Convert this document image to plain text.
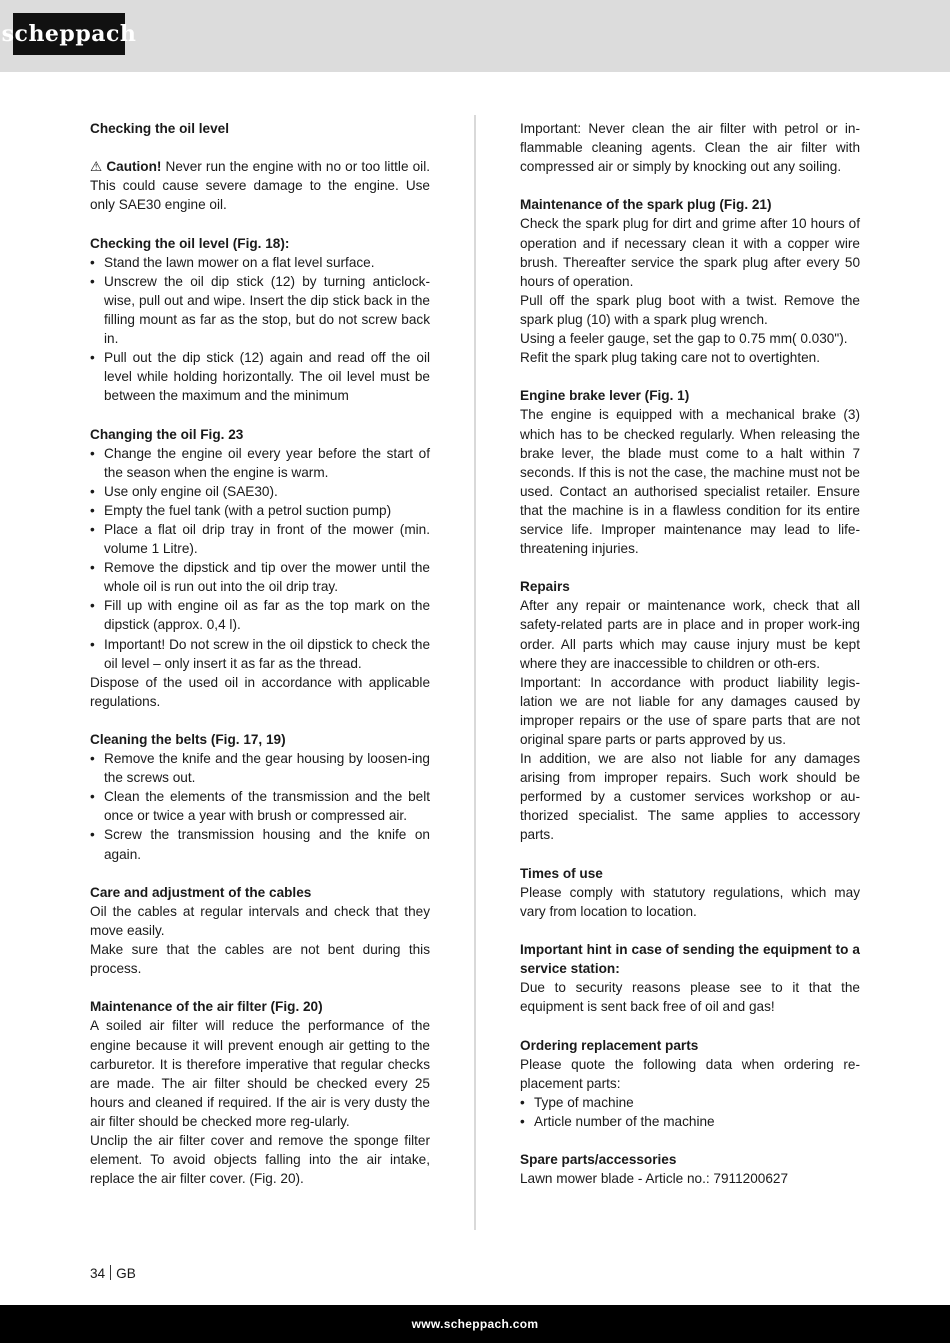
scheppach

Checking the oil level

⚠ Caution! Never run the engine with no or too little oil. This could cause severe damage to the engine. Use only SAE30 engine oil.

Checking the oil level (Fig. 18):

• Stand the lawn mower on a flat level surface.
• Unscrew the oil dip stick (12) by turning anticlock-wise, pull out and wipe. Insert the dip stick back in the filling mount as far as the stop, but do not screw back in.
• Pull out the dip stick (12) again and read off the oil level while holding horizontally. The oil level must be between the maximum and the minimum

Changing the oil Fig. 23

• Change the engine oil every year before the start of the season when the engine is warm.
• Use only engine oil (SAE30).
• Empty the fuel tank (with a petrol suction pump)
• Place a flat oil drip tray in front of the mower (min. volume 1 Litre).
• Remove the dipstick and tip over the mower until the whole oil is run out into the oil drip tray.
• Fill up with engine oil as far as the top mark on the dipstick (approx. 0,4 l).
• Important! Do not screw in the oil dipstick to check the oil level – only insert it as far as the thread.

Dispose of the used oil in accordance with applicable regulations.

Cleaning the belts (Fig. 17, 19)

• Remove the knife and the gear housing by loosen-ing the screws out.
• Clean the elements of the transmission and the belt once or twice a year with brush or compressed air.
• Screw the transmission housing and the knife on again.

Care and adjustment of the cables

Oil the cables at regular intervals and check that they move easily.

Make sure that the cables are not bent during this process.

Maintenance of the air filter (Fig. 20)

A soiled air filter will reduce the performance of the engine because it will prevent enough air getting to the carburetor. It is therefore imperative that regular checks are made. The air filter should be checked every 25 hours and cleaned if required. If the air is very dusty the air filter should be checked more reg-ularly.

Unclip the air filter cover and remove the sponge filter element. To avoid objects falling into the air intake, replace the air filter cover. (Fig. 20).

Important: Never clean the air filter with petrol or in-flammable cleaning agents. Clean the air filter with compressed air or simply by knocking out any soiling.

Maintenance of the spark plug (Fig. 21)

Check the spark plug for dirt and grime after 10 hours of operation and if necessary clean it with a copper wire brush. Thereafter service the spark plug after every 50 hours of operation.

Pull off the spark plug boot with a twist. Remove the spark plug (10) with a spark plug wrench.

Using a feeler gauge, set the gap to 0.75 mm( 0.030").

Refit the spark plug taking care not to overtighten.

Engine brake lever (Fig. 1)

The engine is equipped with a mechanical brake (3) which has to be checked regularly. When releasing the brake lever, the blade must come to a halt within 7 seconds. If this is not the case, the machine must not be used. Contact an authorised specialist retailer. Ensure that the machine is in a flawless condition for its entire service life. Improper maintenance may lead to life-threatening injuries.

Repairs

After any repair or maintenance work, check that all safety-related parts are in place and in proper work-ing order. All parts which may cause injury must be kept where they are inaccessible to children or oth-ers.

Important: In accordance with product liability legis-lation we are not liable for any damages caused by improper repairs or the use of spare parts that are not original spare parts or parts approved by us.

In addition, we are also not liable for any damages arising from improper repairs. Such work should be performed by a customer services workshop or au-thorized specialist. The same applies to accessory parts.

Times of use

Please comply with statutory regulations, which may vary from location to location.

Important hint in case of sending the equipment to a service station:

Due to security reasons please see to it that the equipment is sent back free of oil and gas!

Ordering replacement parts

Please quote the following data when ordering re-placement parts:

• Type of machine
• Article number of the machine

Spare parts/accessories

Lawn mower blade - Article no.: 7911200627

34 GB
www.scheppach.com
